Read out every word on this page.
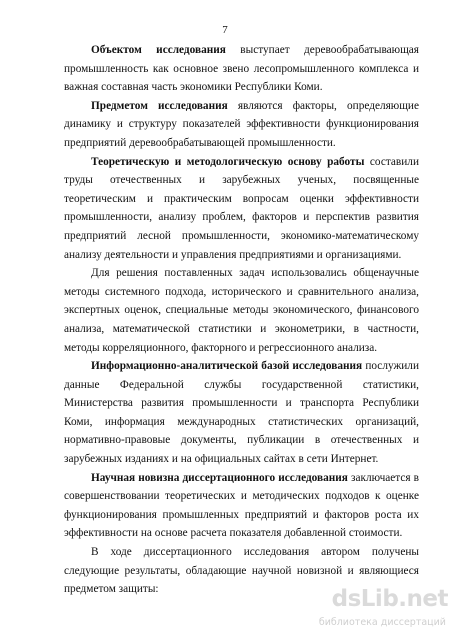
7

Объектом исследования выступает деревообрабатывающая промышленность как основное звено лесопромышленного комплекса и важная составная часть экономики Республики Коми.

Предметом исследования являются факторы, определяющие динамику и структуру показателей эффективности функционирования предприятий деревообрабатывающей промышленности.

Теоретическую и методологическую основу работы составили труды отечественных и зарубежных ученых, посвященные теоретическим и практическим вопросам оценки эффективности промышленности, анализу проблем, факторов и перспектив развития предприятий лесной промышленности, экономико-математическому анализу деятельности и управления предприятиями и организациями.

Для решения поставленных задач использовались общенаучные методы системного подхода, исторического и сравнительного анализа, экспертных оценок, специальные методы экономического, финансового анализа, математической статистики и эконометрики, в частности, методы корреляционного, факторного и регрессионного анализа.

Информационно-аналитической базой исследования послужили данные Федеральной службы государственной статистики, Министерства развития промышленности и транспорта Республики Коми, информация международных статистических организаций, нормативно-правовые документы, публикации в отечественных и зарубежных изданиях и на официальных сайтах в сети Интернет.

Научная новизна диссертационного исследования заключается в совершенствовании теоретических и методических подходов к оценке функционирования промышленных предприятий и факторов роста их эффективности на основе расчета показателя добавленной стоимости.

В ходе диссертационного исследования автором получены следующие результаты, обладающие научной новизной и являющиеся предметом защиты:	dsLib.net
библиотека диссертаций
